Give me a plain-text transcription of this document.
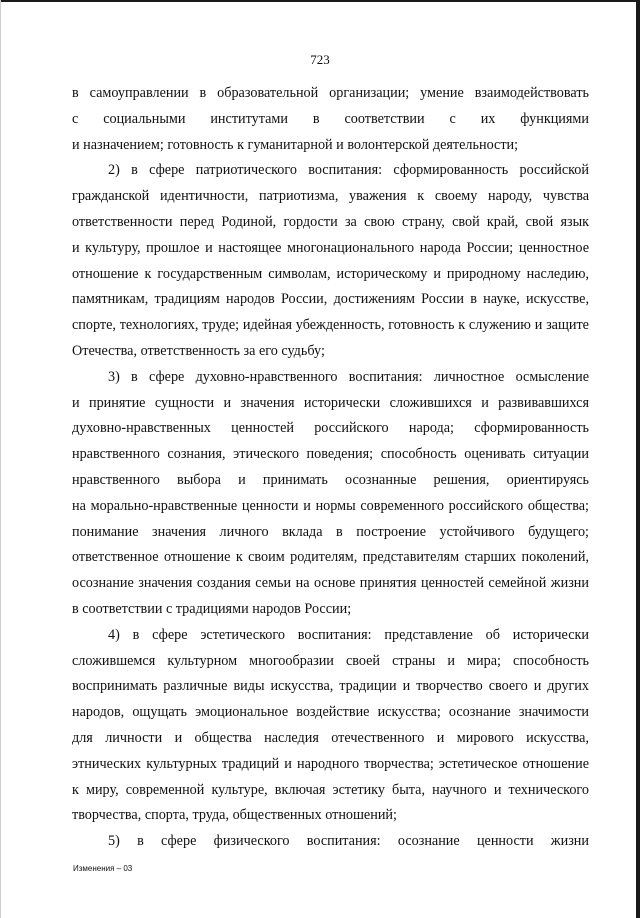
723
в самоуправлении в образовательной организации; умение взаимодействовать
с социальными институтами в соответствии с их функциями
и назначением; готовность к гуманитарной и волонтерской деятельности;
2) в сфере патриотического воспитания: сформированность российской
гражданской идентичности, патриотизма, уважения к своему народу, чувства
ответственности перед Родиной, гордости за свою страну, свой край, свой язык
и культуру, прошлое и настоящее многонационального народа России; ценностное
отношение к государственным символам, историческому и природному наследию,
памятникам, традициям народов России, достижениям России в науке, искусстве,
спорте, технологиях, труде; идейная убежденность, готовность к служению и защите
Отечества, ответственность за его судьбу;
3) в сфере духовно-нравственного воспитания: личностное осмысление
и принятие сущности и значения исторически сложившихся и развивавшихся
духовно-нравственных ценностей российского народа; сформированность
нравственного сознания, этического поведения; способность оценивать ситуации
нравственного выбора и принимать осознанные решения, ориентируясь
на морально-нравственные ценности и нормы современного российского общества;
понимание значения личного вклада в построение устойчивого будущего;
ответственное отношение к своим родителям, представителям старших поколений,
осознание значения создания семьи на основе принятия ценностей семейной жизни
в соответствии с традициями народов России;
4) в сфере эстетического воспитания: представление об исторически
сложившемся культурном многообразии своей страны и мира; способность
воспринимать различные виды искусства, традиции и творчество своего и других
народов, ощущать эмоциональное воздействие искусства; осознание значимости
для личности и общества наследия отечественного и мирового искусства,
этнических культурных традиций и народного творчества; эстетическое отношение
к миру, современной культуре, включая эстетику быта, научного и технического
творчества, спорта, труда, общественных отношений;
5) в сфере физического воспитания: осознание ценности жизни
Изменения – 03
